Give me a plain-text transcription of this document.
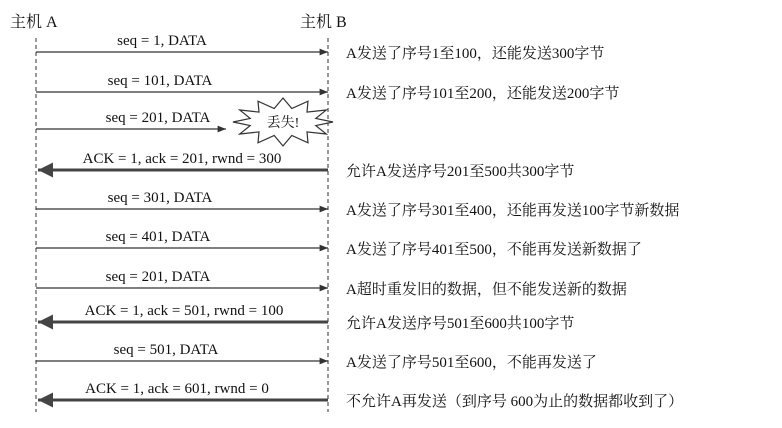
主机 A	主机 B
seq = 1, DATA
A发送了序号1至100，还能发送300字节
seq = 101, DATA
A发送了序号101至200，还能发送200字节
seq = 201, DATA	丢失!
ACK = 1, ack = 201, rwnd = 300
允许A发送序号201至500共300字节
seq = 301, DATA
A发送了序号301至400，还能再发送100字节新数据
seq = 401, DATA
A发送了序号401至500，不能再发送新数据了
seq = 201, DATA
A超时重发旧的数据，但不能发送新的数据
ACK = 1, ack = 501, rwnd = 100
允许A发送序号501至600共100字节
seq = 501, DATA
A发送了序号501至600，不能再发送了
ACK = 1, ack = 601, rwnd = 0
不允许A再发送（到序号 600为止的数据都收到了）
